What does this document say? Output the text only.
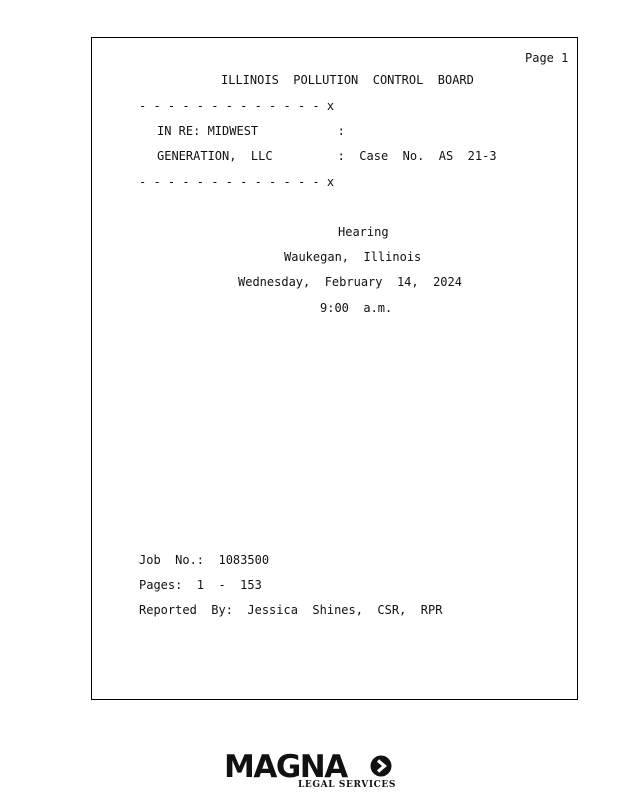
Page 1

ILLINOIS  POLLUTION  CONTROL  BOARD

- - - - - - - - - - - - - x

IN RE: MIDWEST           :

GENERATION,  LLC         :  Case  No.  AS  21-3

- - - - - - - - - - - - - x

Hearing

Waukegan,  Illinois

Wednesday,  February  14,  2024

9:00  a.m.

Job  No.:  1083500

Pages:  1  -  153

Reported  By:  Jessica  Shines,  CSR,  RPR

MAGNA
LEGAL SERVICES
